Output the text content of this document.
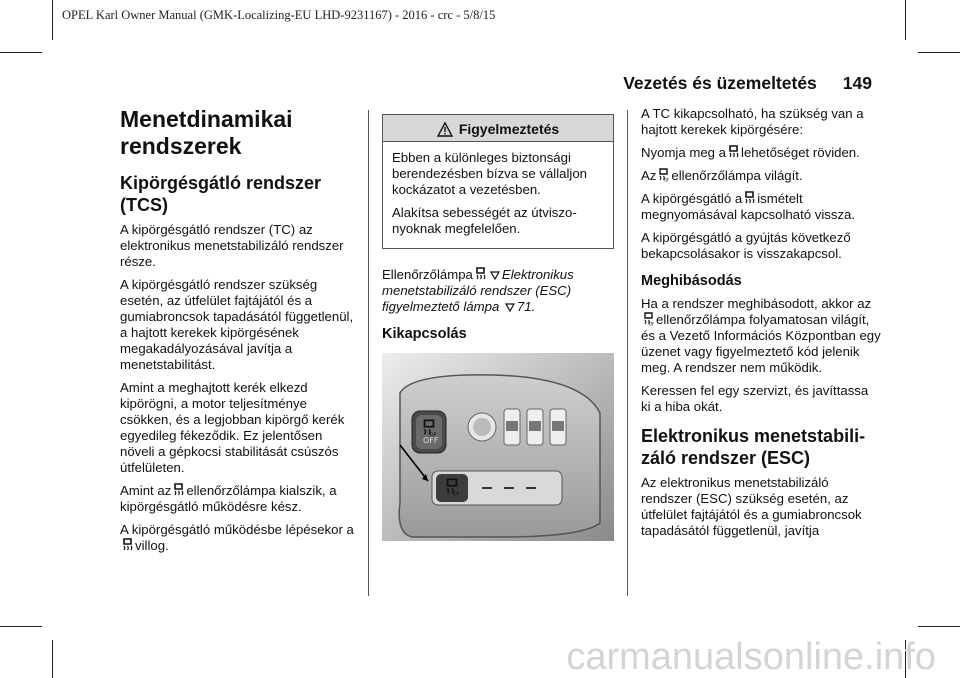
OPEL Karl Owner Manual (GMK-Localizing-EU LHD-9231167) - 2016 - crc - 5/8/15
Vezetés és üzemeltetés 149
Menetdinamikai rendszerek
Kipörgésgátló rendszer (TCS)

A kipörgésgátló rendszer (TC) az elektronikus menetstabilizáló rendszer része.

A kipörgésgátló rendszer szükség esetén, az útfelület fajtájától és a gumiabroncsok tapadásától függetlenül, a hajtott kerekek kipörgésének megakadályozásával javítja a menetstabilitást.

Amint a meghajtott kerék elkezd kipörögni, a motor teljesítménye csökken, és a legjobban kipörgő kerék egyedileg fékeződik. Ez jelentősen növeli a gépkocsi stabilitását csúszós útfelületen.

Amint az ellenőrzőlámpa kialszik, a kipörgésgátló működésre kész.

A kipörgésgátló működésbe lépésekor avillog.

Figyelmeztetés

Ebben a különleges biztonsági berendezésben bízva se vállaljon kockázatot a vezetésben.

Alakítsa sebességét az útviszonyoknak megfelelően.

Ellenőrzőlámpa Elektronikus menetstabilizáló rendszer (ESC) figyelmeztető lámpa 71.

Kikapcsolás
OFF

A TC kikapcsolható, ha szükség van a hajtott kerekek kipörgésére:

Nyomja meg a lehetőséget röviden.

Az ellenőrzőlámpa világít.

A kipörgésgátló a ismételt megnyomásával kapcsolható vissza.

A kipörgésgátló a gyújtás következő bekapcsolásakor is visszakapcsol.

Meghibásodás

Ha a rendszer meghibásodott, akkor azellenőrzőlámpa folyamatosan világít, és a Vezető Információs Központban egy üzenet vagy figyelmeztető kód jelenik meg. A rendszer nem működik.

Keressen fel egy szervizt, és javíttassa ki a hiba okát.

Elektronikus menetstabilizáló rendszer (ESC)

Az elektronikus menetstabilizáló rendszer (ESC) szükség esetén, az útfelület fajtájától és a gumiabroncsok tapadásától függetlenül, javítja

carmanualsonline.info
